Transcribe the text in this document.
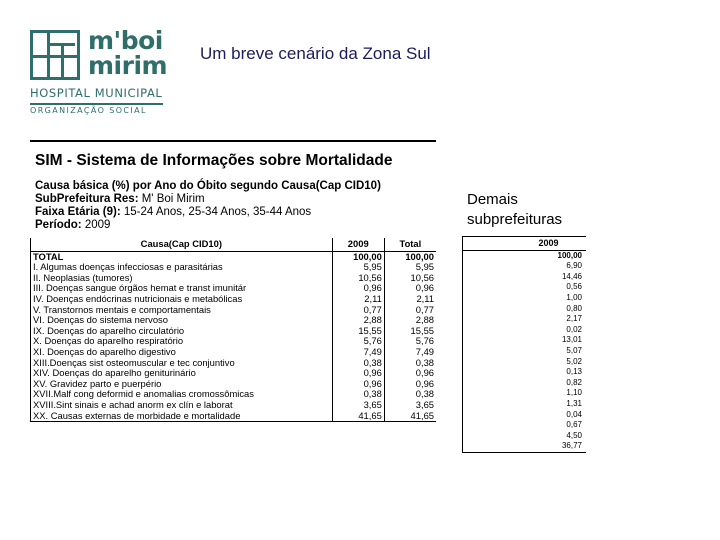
m'boi
mirim
HOSPITAL MUNICIPAL
ORGANIZAÇÃO SOCIAL
Um breve cenário da Zona Sul
SIM - Sistema de Informações sobre Mortalidade
Causa básica (%) por Ano do Óbito segundo Causa(Cap CID10)
SubPrefeitura Res: M' Boi Mirim
Faixa Etária (9): 15-24 Anos, 25-34 Anos, 35-44 Anos
Período: 2009
Causa(Cap CID10)	2009	Total
TOTAL	100,00	100,00
I. Algumas doenças infecciosas e parasitárias	5,95	5,95
II. Neoplasias (tumores)	10,56	10,56
III. Doenças sangue órgãos hemat e transt imunitár	0,96	0,96
IV. Doenças endócrinas nutricionais e metabólicas	2,11	2,11
V. Transtornos mentais e comportamentais	0,77	0,77
VI. Doenças do sistema nervoso	2,88	2,88
IX. Doenças do aparelho circulatório	15,55	15,55
X. Doenças do aparelho respiratório	5,76	5,76
XI. Doenças do aparelho digestivo	7,49	7,49
XIII.Doenças sist osteomuscular e tec conjuntivo	0,38	0,38
XIV. Doenças do aparelho geniturinário	0,96	0,96
XV. Gravidez parto e puerpério	0,96	0,96
XVII.Malf cong deformid e anomalias cromossômicas	0,38	0,38
XVIII.Sint sinais e achad anorm ex clín e laborat	3,65	3,65
XX. Causas externas de morbidade e mortalidade	41,65	41,65
Demais
subprefeituras
	2009
	100,00
	6,90
	14,46
	0,56
	1,00
	0,80
	2,17
	0,02
	13,01
	5,07
	5,02
	0,13
	0,82
	1,10
	1,31
	0,04
	0,67
	4,50
	36,77
